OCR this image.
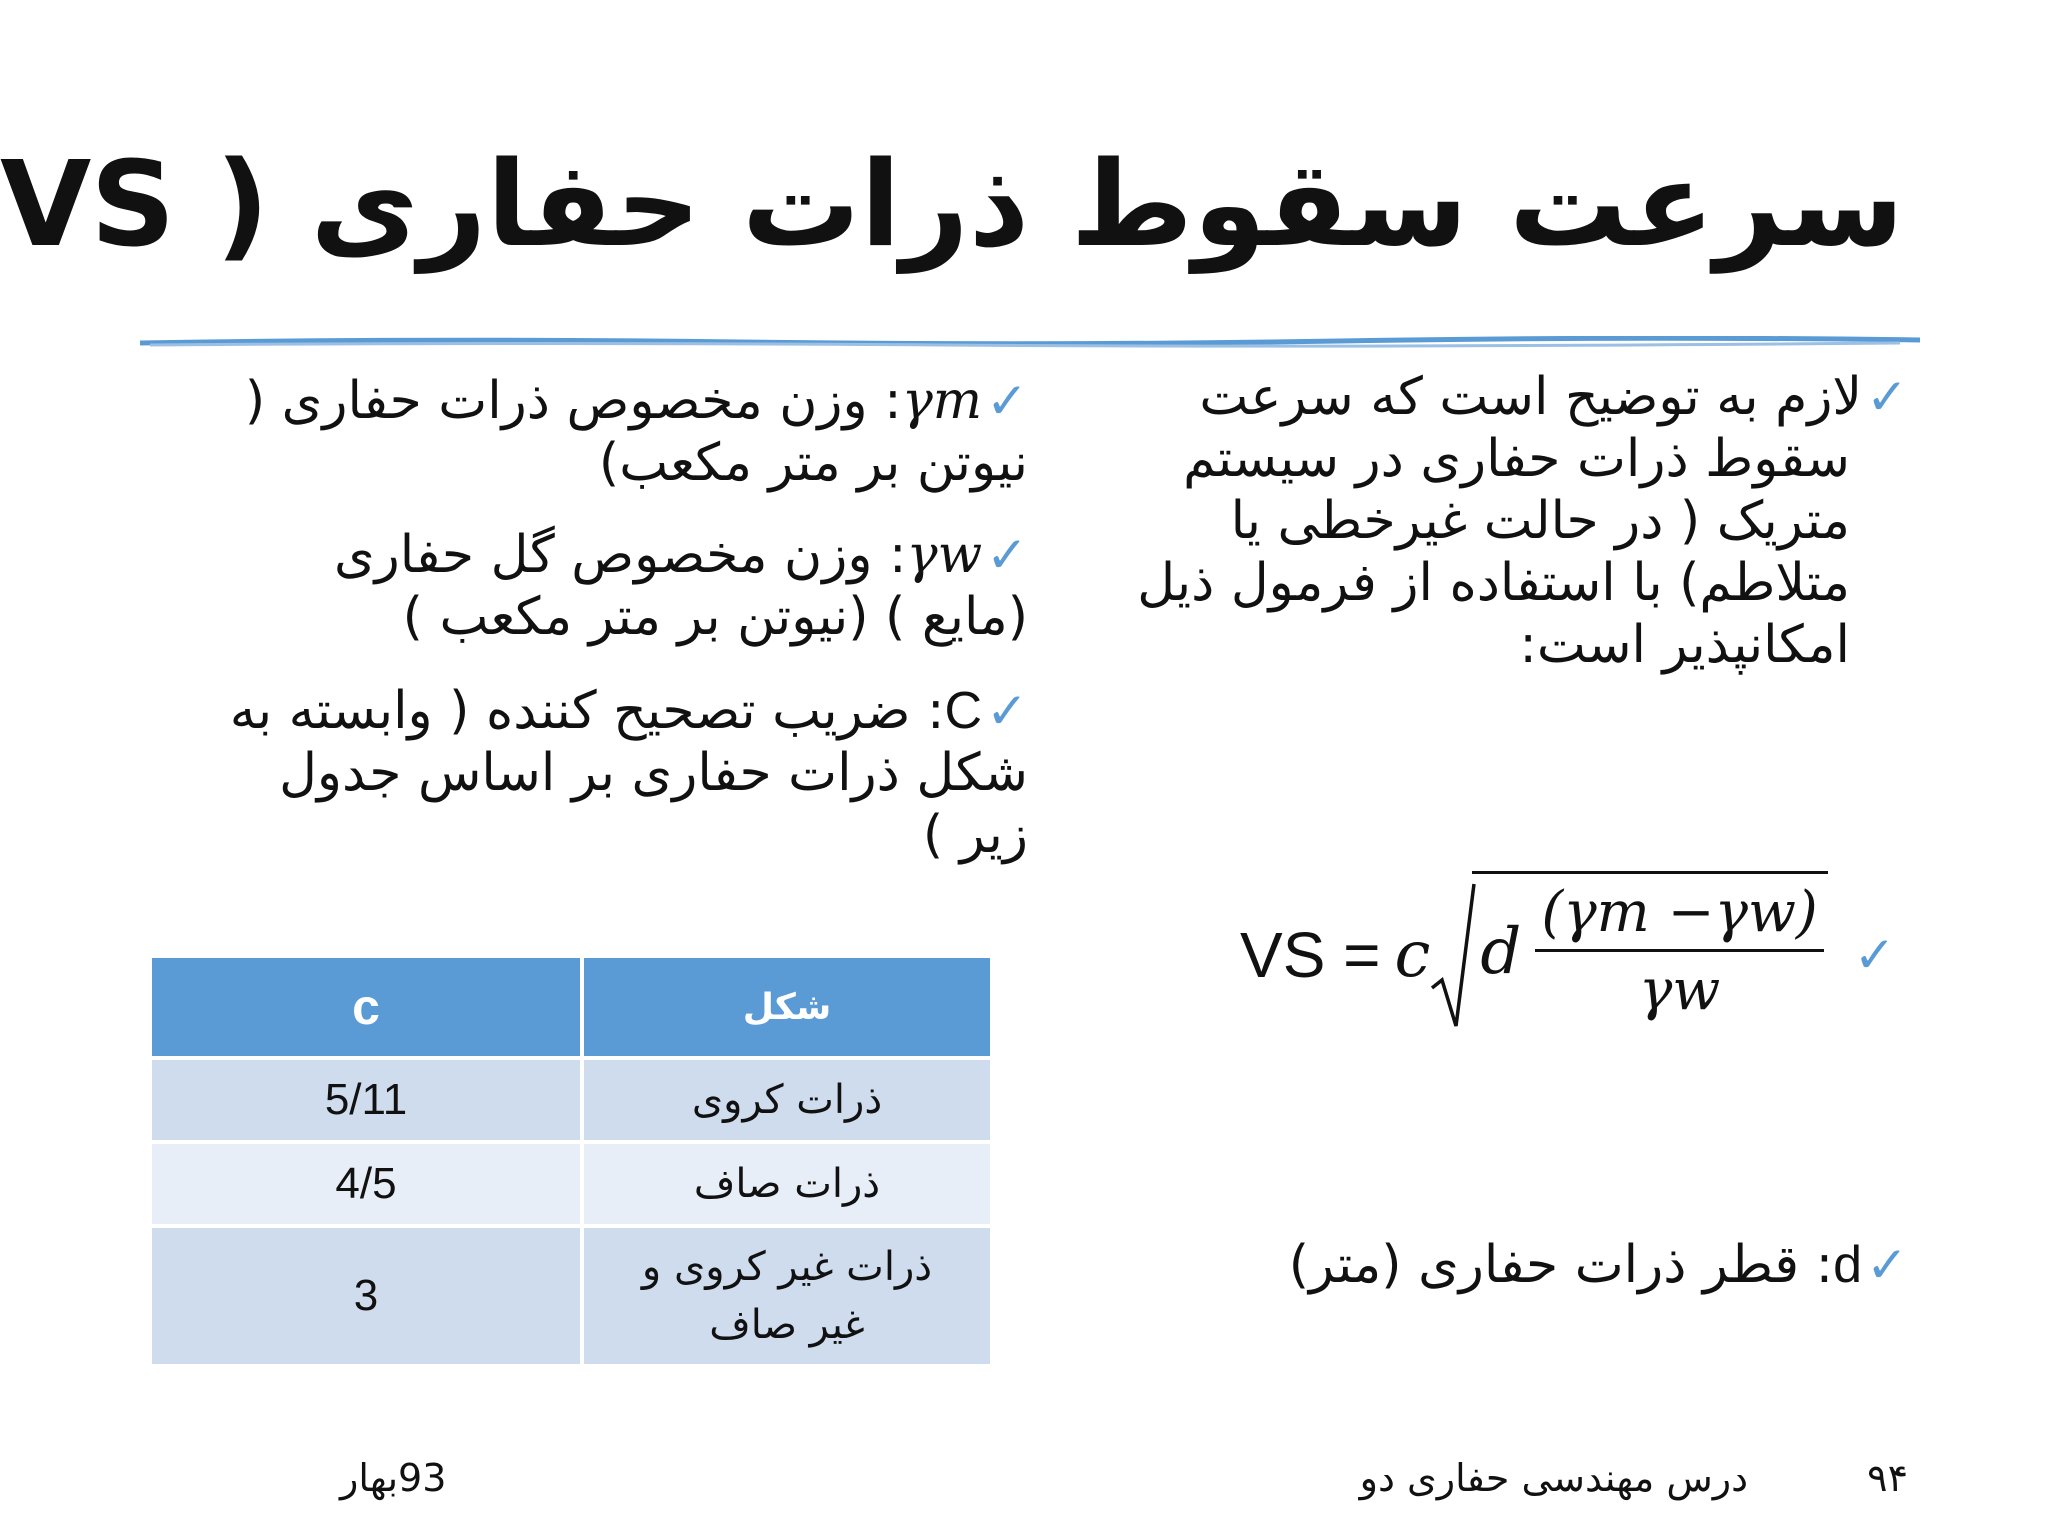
سرعت سقوط ذرات حفاری ( VS
✓لازم به توضیح است که سرعت
سقوط ذرات حفاری در سیستم
متریک ( در حالت غیرخطی یا
متلاطم) با استفاده از فرمول ذیل
امکانپذیر است:
VS = c d $\frac{(\gamma m -\gamma w)}{\gamma w}$ ✓
✓d: قطر ذرات حفاری (متر)
✓γm: وزن مخصوص ذرات حفاری (
نیوتن بر متر مکعب)
✓γw: وزن مخصوص گل حفاری
(مایع ) (نیوتن بر متر مکعب )
✓C: ضریب تصحیح کننده ( وابسته به
شکل ذرات حفاری بر اساس جدول
زیر )
c	شکل
5/11	ذرات کروی
4/5	ذرات صاف
3	ذرات غیر کروی و
غیر صاف
۹۴
درس مهندسی حفاری دو
93بهار
